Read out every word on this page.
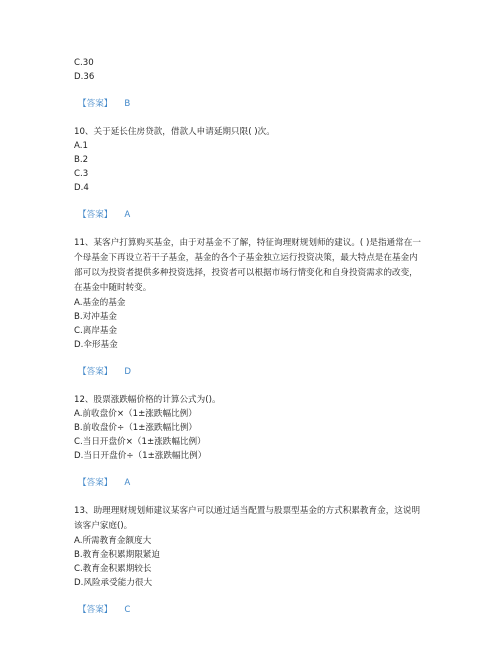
C.30
D.36
【答案】 B
10、关于延长住房贷款，借款人申请延期只限( )次。
A.1
B.2
C.3
D.4
【答案】 A
11、某客户打算购买基金，由于对基金不了解，特征询理财规划师的建议。( )是指通常在一个母基金下再设立若干子基金，基金的各个子基金独立运行投资决策，最大特点是在基金内部可以为投资者提供多种投资选择，投资者可以根据市场行情变化和自身投资需求的改变，在基金中随时转变。
A.基金的基金
B.对冲基金
C.离岸基金
D.伞形基金
【答案】 D
12、股票涨跌幅价格的计算公式为()。
A.前收盘价×（1±涨跌幅比例）
B.前收盘价÷（1±涨跌幅比例）
C.当日开盘价×（1±涨跌幅比例）
D.当日开盘价÷（1±涨跌幅比例）
【答案】 A
13、助理理财规划师建议某客户可以通过适当配置与股票型基金的方式积累教育金，这说明该客户家庭()。
A.所需教育金额度大
B.教育金积累期限紧迫
C.教育金积累期较长
D.风险承受能力很大
【答案】 C
